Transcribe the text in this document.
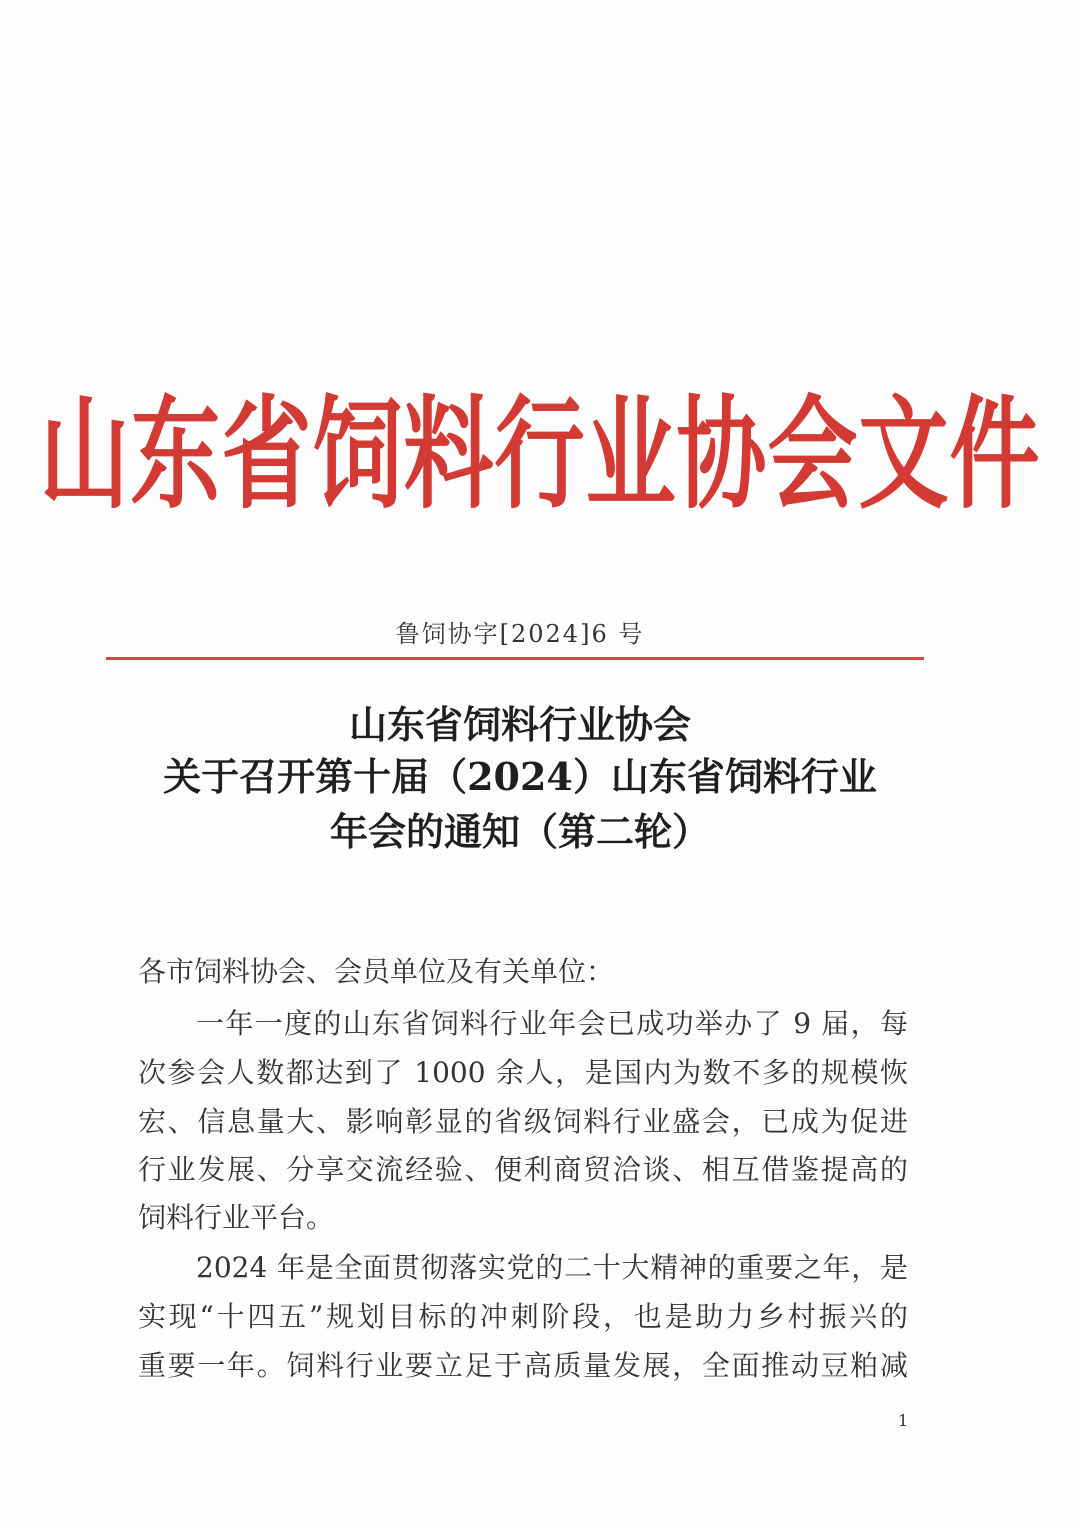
山东省饲料行业协会文件
鲁饲协字[2024]6 号
山东省饲料行业协会
关于召开第十届（2024）山东省饲料行业
年会的通知（第二轮）
各市饲料协会、会员单位及有关单位：
一年一度的山东省饲料行业年会已成功举办了 9 届，每
次参会人数都达到了 1000 余人，是国内为数不多的规模恢
宏、信息量大、影响彰显的省级饲料行业盛会，已成为促进
行业发展、分享交流经验、便利商贸洽谈、相互借鉴提高的
饲料行业平台。
2024 年是全面贯彻落实党的二十大精神的重要之年，是
实现“十四五”规划目标的冲刺阶段，也是助力乡村振兴的
重要一年。饲料行业要立足于高质量发展，全面推动豆粕减
1
